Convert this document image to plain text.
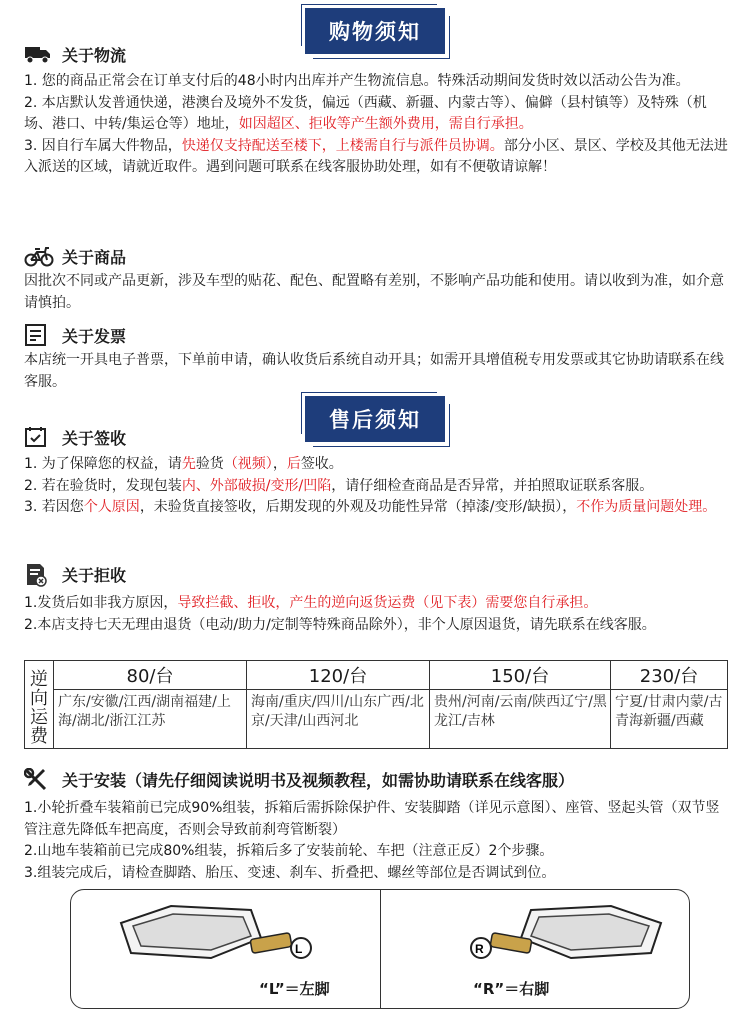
购物须知
关于物流

1. 您的商品正常会在订单支付后的48小时内出库并产生物流信息。特殊活动期间发货时效以活动公告为准。

2. 本店默认发普通快递，港澳台及境外不发货，偏远（西藏、新疆、内蒙古等）、偏僻（县村镇等）及特殊（机场、港口、中转/集运仓等）地址，如因超区、拒收等产生额外费用，需自行承担。

3. 因自行车属大件物品，快递仅支持配送至楼下，上楼需自行与派件员协调。部分小区、景区、学校及其他无法进入派送的区域，请就近取件。遇到问题可联系在线客服协助处理，如有不便敬请谅解！

关于商品

因批次不同或产品更新，涉及车型的贴花、配色、配置略有差别，不影响产品功能和使用。请以收到为准，如介意请慎拍。

关于发票

本店统一开具电子普票，下单前申请，确认收货后系统自动开具；如需开具增值税专用发票或其它协助请联系在线客服。

售后须知
关于签收

1. 为了保障您的权益，请先验货（视频），后签收。

2. 若在验货时，发现包装内、外部破损/变形/凹陷，请仔细检查商品是否异常，并拍照取证联系客服。

3. 若因您个人原因，未验货直接签收，后期发现的外观及功能性异常（掉漆/变形/缺损），不作为质量问题处理。

关于拒收

1.发货后如非我方原因，导致拦截、拒收，产生的逆向返货运费（见下表）需要您自行承担。

2.本店支持七天无理由退货（电动/助力/定制等特殊商品除外），非个人原因退货，请先联系在线客服。

逆向运费	80/台	120/台	150/台	230/台
	广东/安徽/江西/湖南福建/上海/湖北/浙江江苏	海南/重庆/四川/山东广西/北京/天津/山西河北	贵州/河南/云南/陕西辽宁/黑龙江/吉林	宁夏/甘肃内蒙/古青海新疆/西藏
关于安装（请先仔细阅读说明书及视频教程，如需协助请联系在线客服）

1.小轮折叠车装箱前已完成90%组装，拆箱后需拆除保护件、安装脚踏（详见示意图）、座管、竖起头管（双节竖管注意先降低车把高度，否则会导致前刹弯管断裂）

2.山地车装箱前已完成80%组装，拆箱后多了安装前轮、车把（注意正反）2个步骤。

3.组装完成后，请检查脚踏、胎压、变速、刹车、折叠把、螺丝等部位是否调试到位。

L
“L”＝左脚
R
“R”＝右脚
